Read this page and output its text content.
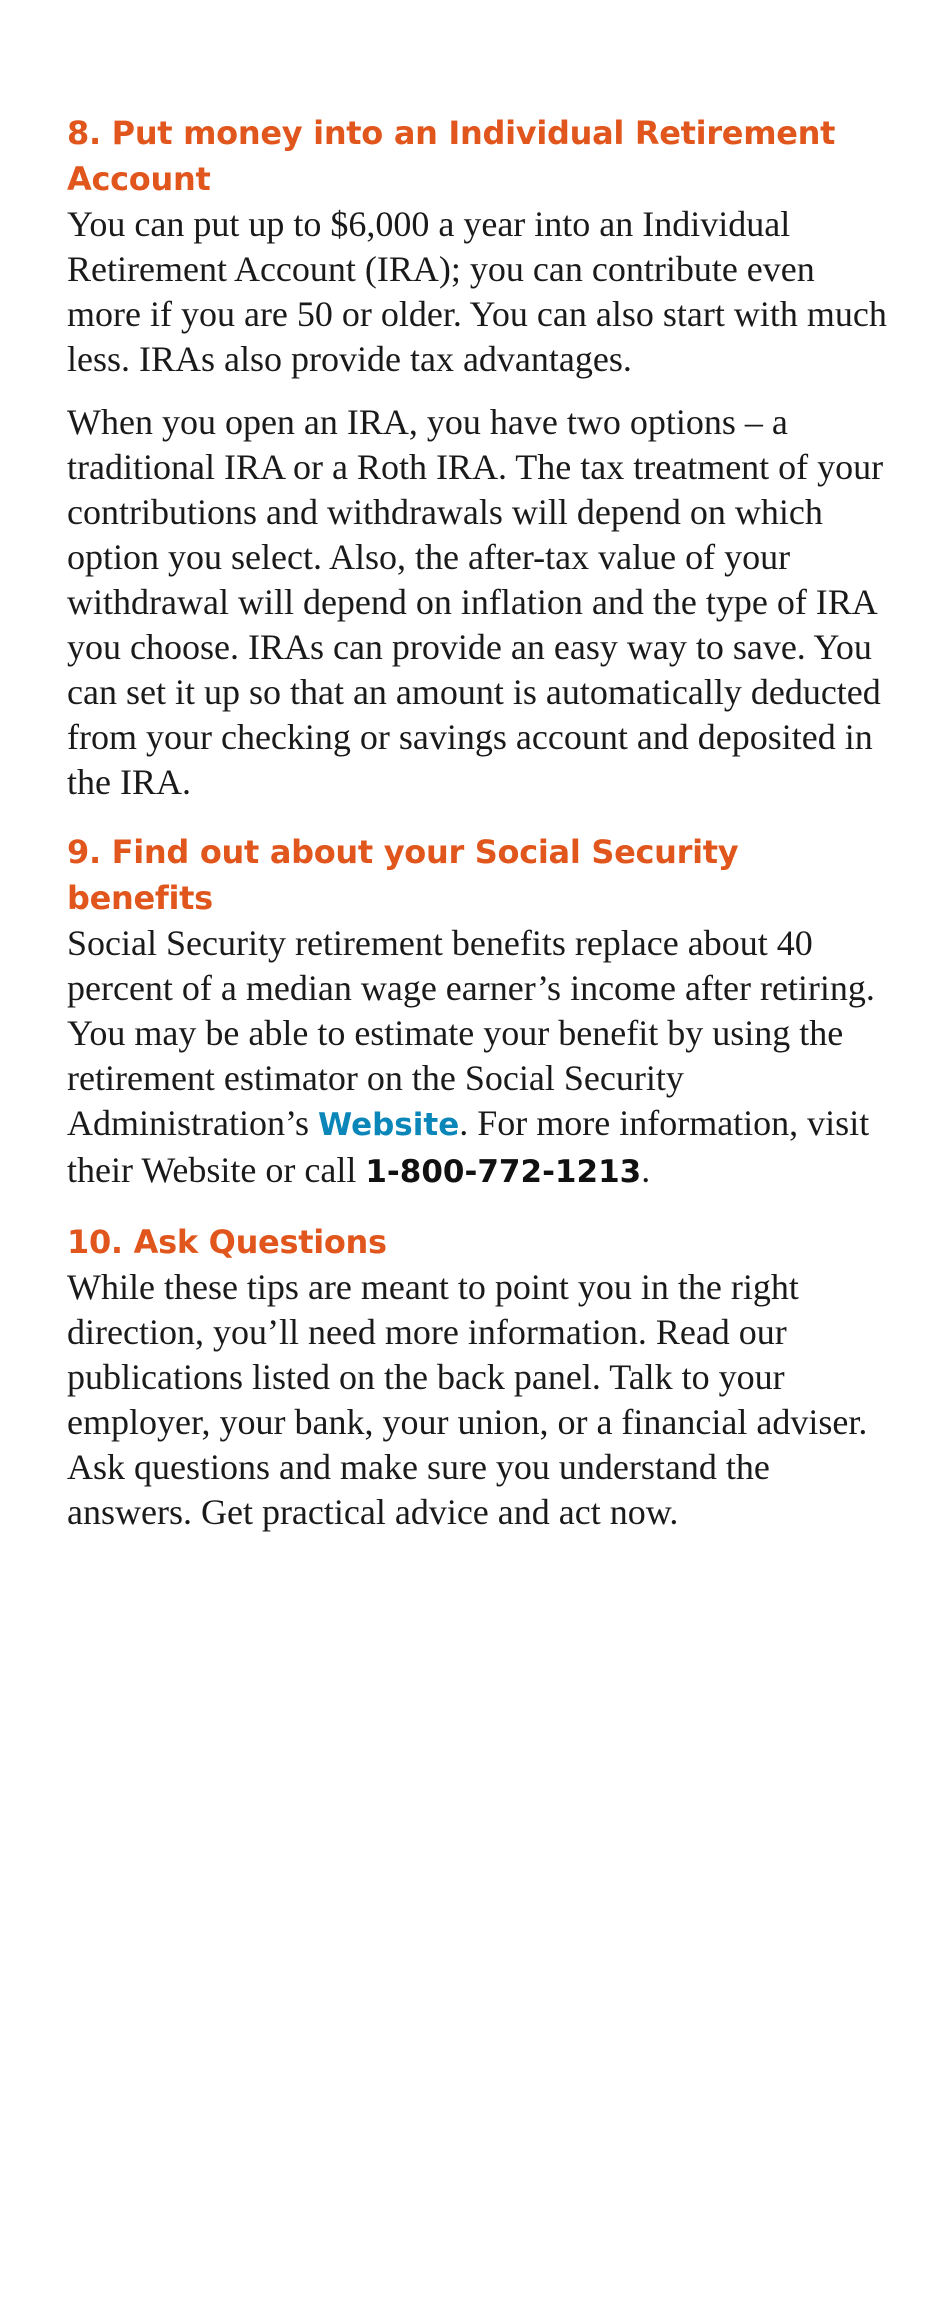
8. Put money into an Individual Retirement
Account

You can put up to $6,000 a year into an Individual Retirement Account (IRA); you can contribute even more if you are 50 or older. You can also start with much less. IRAs also provide tax advantages.

When you open an IRA, you have two options – a traditional IRA or a Roth IRA. The tax treatment of your contributions and withdrawals will depend on which option you select. Also, the after-tax value of your withdrawal will depend on inflation and the type of IRA you choose. IRAs can provide an easy way to save. You can set it up so that an amount is automatically deducted from your checking or savings account and deposited in the IRA.

9. Find out about your Social Security
benefits

Social Security retirement benefits replace about 40 percent of a median wage earner’s income after retiring. You may be able to estimate your benefit by using the retirement estimator on the Social Security Administration’s Website. For more information, visit their Website or call 1-800-772-1213.

10. Ask Questions

While these tips are meant to point you in the right direction, you’ll need more information. Read our publications listed on the back panel. Talk to your employer, your bank, your union, or a financial adviser. Ask questions and make sure you understand the answers. Get practical advice and act now.
